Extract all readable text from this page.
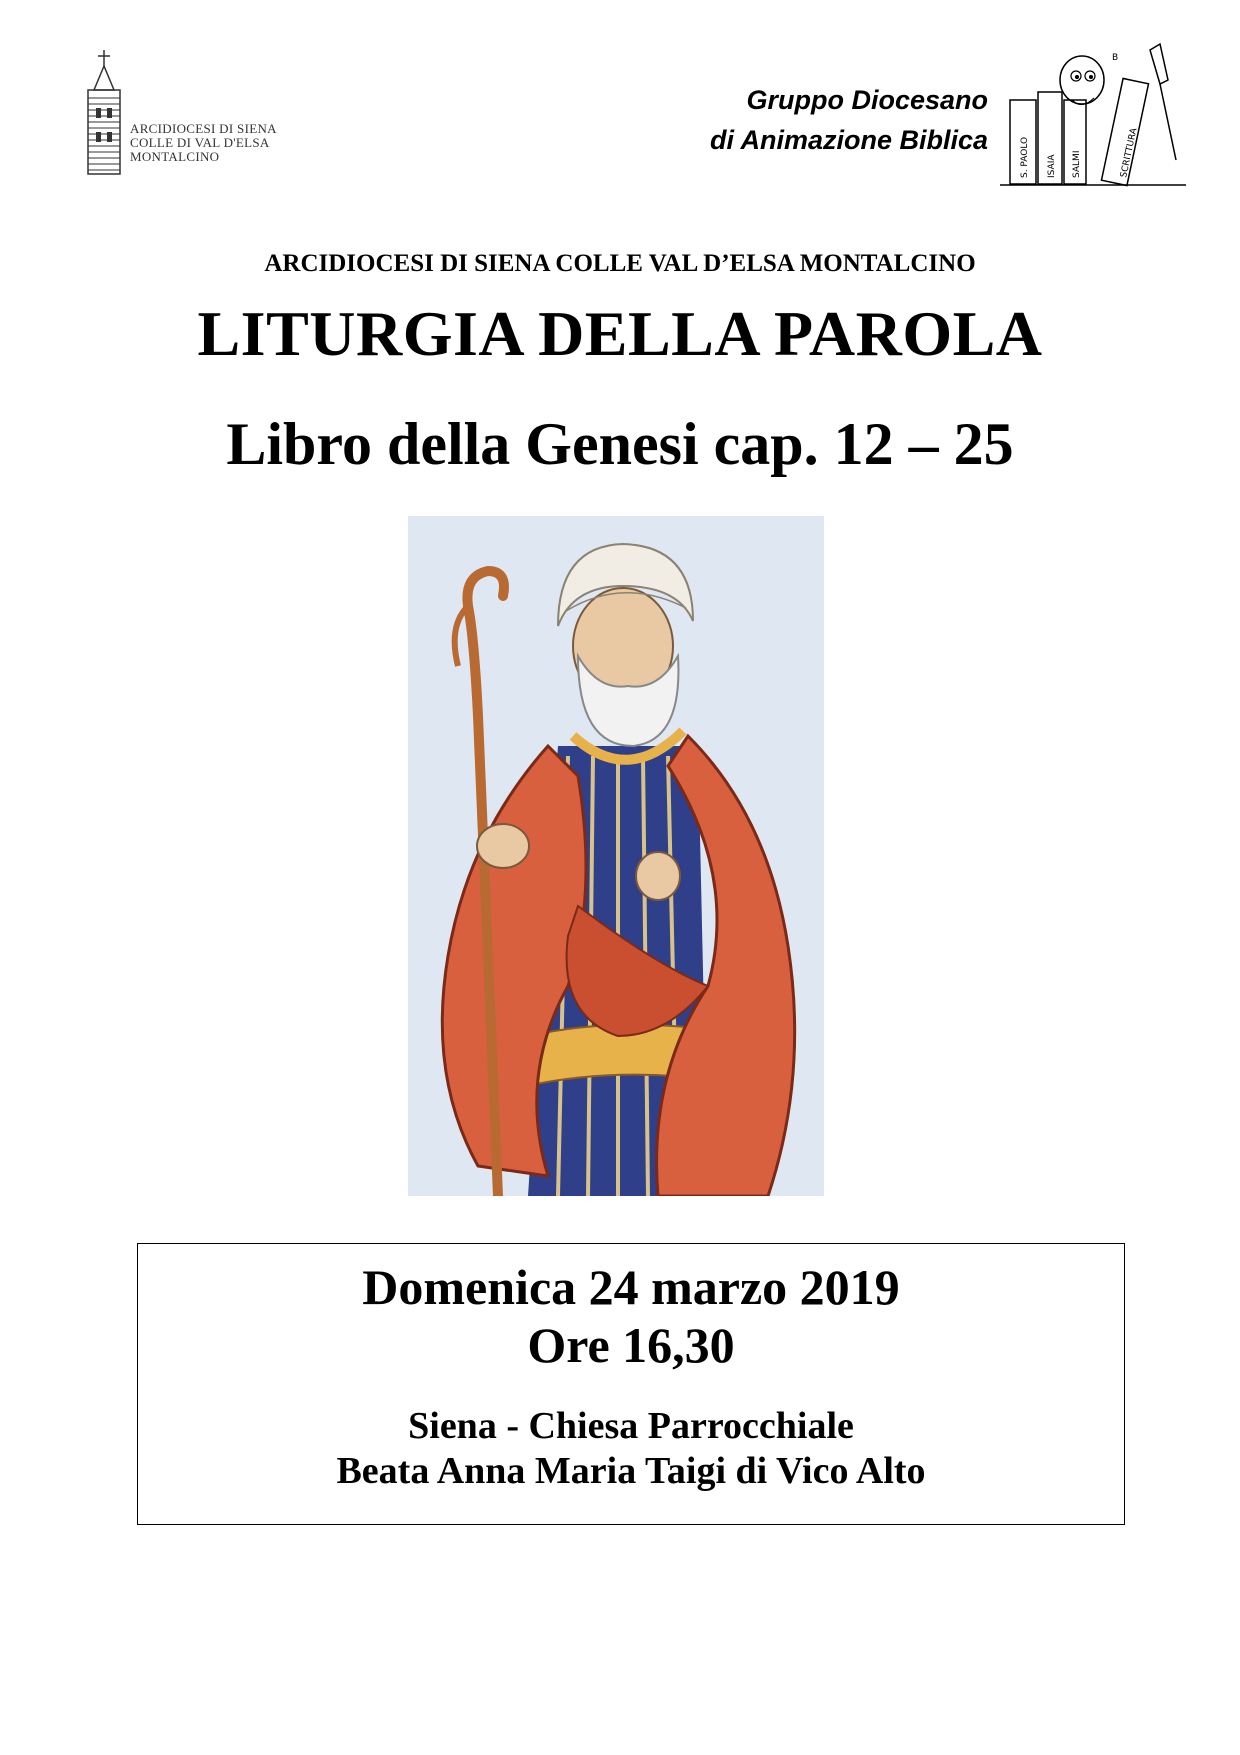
ARCIDIOCESI DI SIENA
COLLE DI VAL D'ELSA
MONTALCINO
Gruppo Diocesano
di Animazione Biblica	S. PAOLO ISAIA SALMI	SCRITTURA
B
ARCIDIOCESI DI SIENA COLLE VAL D’ELSA MONTALCINO
LITURGIA DELLA PAROLA
Libro della Genesi cap. 12 – 25
Domenica 24 marzo 2019
Ore 16,30
Siena - Chiesa Parrocchiale
Beata Anna Maria Taigi di Vico Alto
